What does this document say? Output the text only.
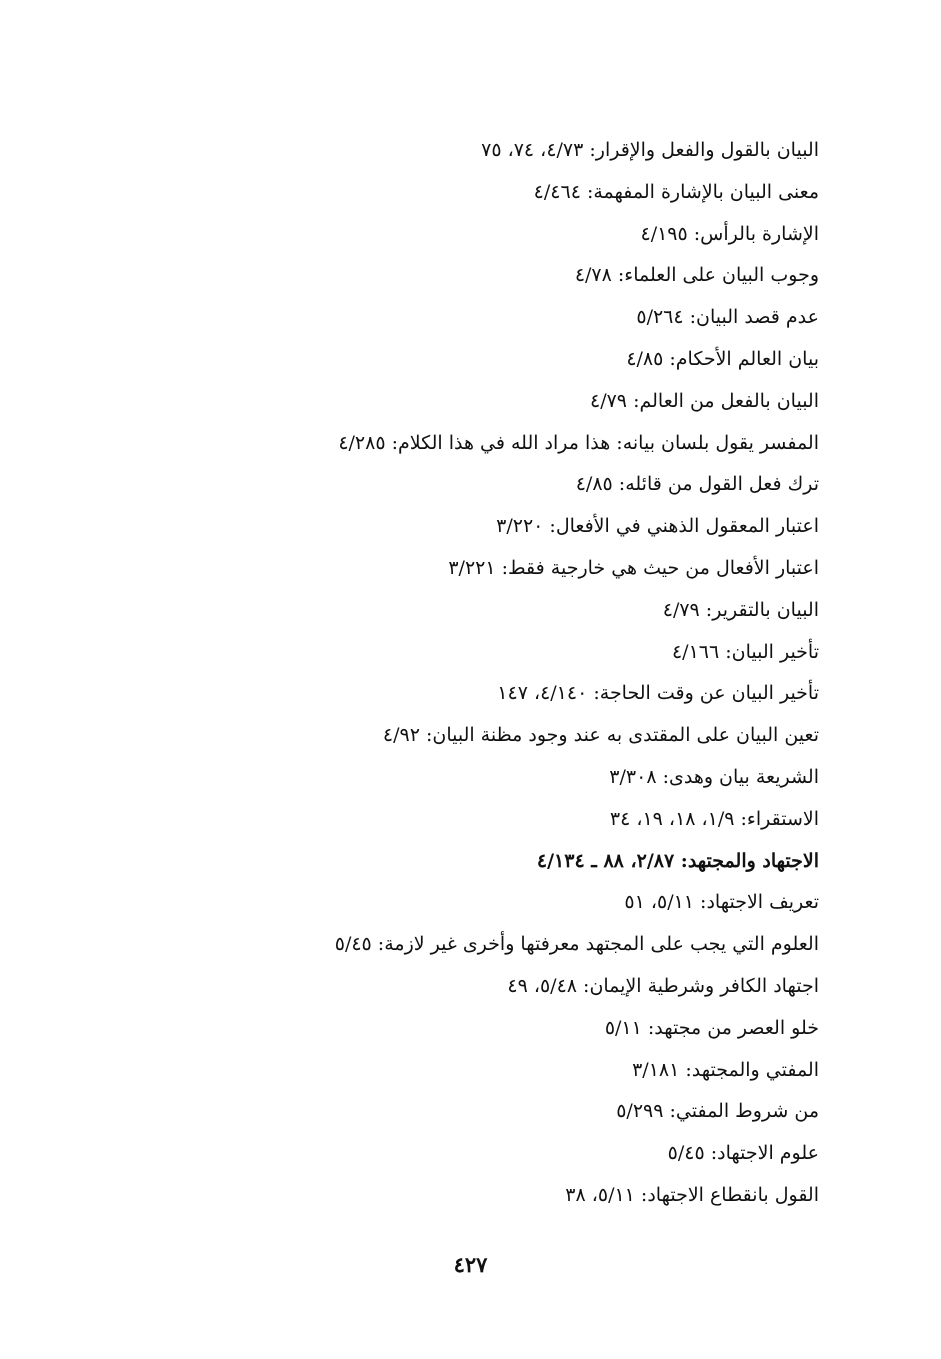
البيان بالقول والفعل والإقرار: ٤/٧٣، ٧٤، ٧٥
معنى البيان بالإشارة المفهمة: ٤/٤٦٤
الإشارة بالرأس: ٤/١٩٥
وجوب البيان على العلماء: ٤/٧٨
عدم قصد البيان: ٥/٢٦٤
بيان العالم الأحكام: ٤/٨٥
البيان بالفعل من العالم: ٤/٧٩
المفسر يقول بلسان بيانه: هذا مراد الله في هذا الكلام: ٤/٢٨٥
ترك فعل القول من قائله: ٤/٨٥
اعتبار المعقول الذهني في الأفعال: ٣/٢٢٠
اعتبار الأفعال من حيث هي خارجية فقط: ٣/٢٢١
البيان بالتقرير: ٤/٧٩
تأخير البيان: ٤/١٦٦
تأخير البيان عن وقت الحاجة: ٤/١٤٠، ١٤٧
تعين البيان على المقتدى به عند وجود مظنة البيان: ٤/٩٢
الشريعة بيان وهدى: ٣/٣٠٨
الاستقراء: ١/٩، ١٨، ١٩، ٣٤
الاجتهاد والمجتهد: ٢/٨٧، ٨٨ ـ ٤/١٣٤
تعريف الاجتهاد: ٥/١١، ٥١
العلوم التي يجب على المجتهد معرفتها وأخرى غير لازمة: ٥/٤٥
اجتهاد الكافر وشرطية الإيمان: ٥/٤٨، ٤٩
خلو العصر من مجتهد: ٥/١١
المفتي والمجتهد: ٣/١٨١
من شروط المفتي: ٥/٢٩٩
علوم الاجتهاد: ٥/٤٥
القول بانقطاع الاجتهاد: ٥/١١، ٣٨
٤٢٧
